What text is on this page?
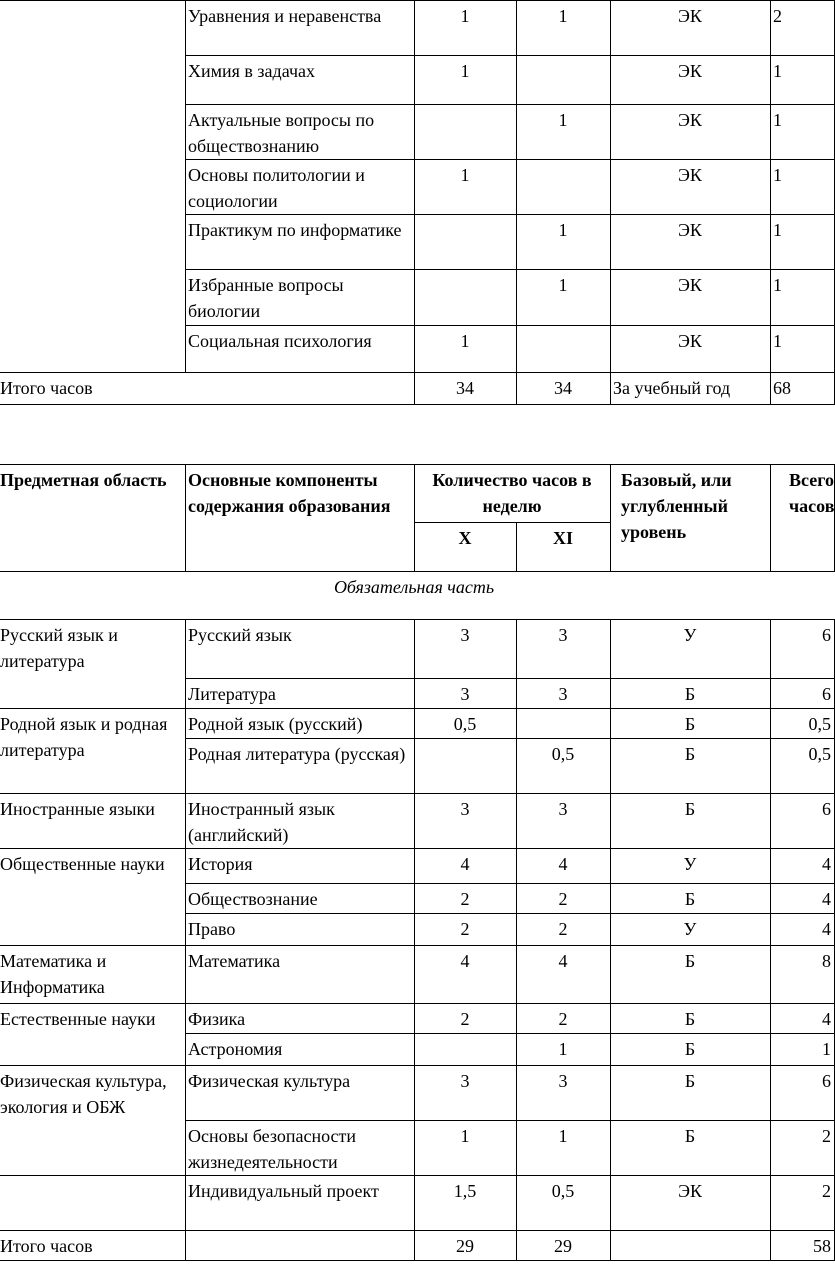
	Уравнения и неравенства	1	1	ЭК	2
	Химия в задачах	1		ЭК	1
	Актуальные вопросы по обществознанию		1	ЭК	1
	Основы политологии и социологии	1		ЭК	1
	Практикум по информатике		1	ЭК	1
	Избранные вопросы биологии		1	ЭК	1
	Социальная психология	1		ЭК	1
Итого часов		34	34	За учебный год	68
Предметная область	Основные компоненты содержания образования	Количество часов в неделю		Базовый, или углубленный уровень	Всего часов
		X	XI		
Обязательная часть					
Русский язык и литература	Русский язык	3	3	У	6
	Литература	3	3	Б	6
Родной язык и родная литература	Родной язык (русский)	0,5		Б	0,5
	Родная литература (русская)		0,5	Б	0,5
Иностранные языки	Иностранный язык (английский)	3	3	Б	6
Общественные науки	История	4	4	У	4
	Обществознание	2	2	Б	4
	Право	2	2	У	4
Математика и Информатика	Математика	4	4	Б	8
Естественные науки	Физика	2	2	Б	4
	Астрономия		1	Б	1
Физическая культура, экология и ОБЖ	Физическая культура	3	3	Б	6
	Основы безопасности жизнедеятельности	1	1	Б	2
	Индивидуальный проект	1,5	0,5	ЭК	2
Итого часов		29	29		58
